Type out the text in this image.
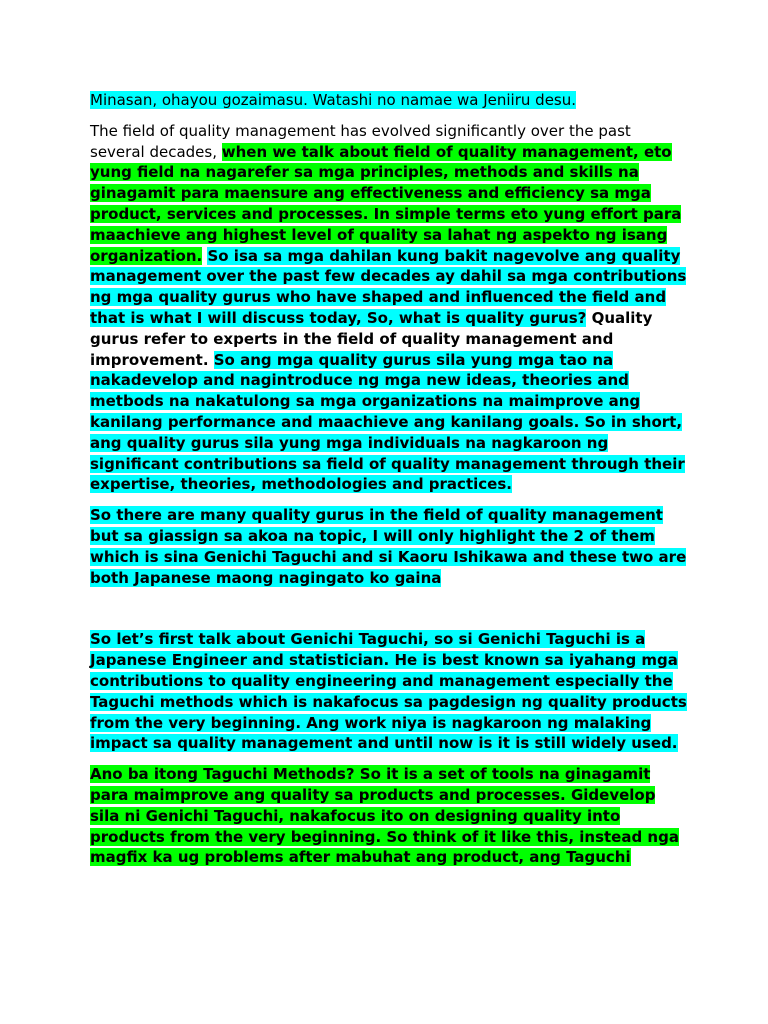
Minasan, ohayou gozaimasu. Watashi no namae wa Jeniiru desu.

The field of quality management has evolved significantly over the past several decades, when we talk about field of quality management, eto yung field na nagarefer sa mga principles, methods and skills na ginagamit para maensure ang effectiveness and efficiency sa mga product, services and processes. In simple terms eto yung effort para maachieve ang highest level of quality sa lahat ng aspekto ng isang organization. So isa sa mga dahilan kung bakit nagevolve ang quality management over the past few decades ay dahil sa mga contributions ng mga quality gurus who have shaped and influenced the field and that is what I will discuss today, So, what is quality gurus? Quality gurus refer to experts in the field of quality management and improvement. So ang mga quality gurus sila yung mga tao na nakadevelop and nagintroduce ng mga new ideas, theories and metbods na nakatulong sa mga organizations na maimprove ang kanilang performance and maachieve ang kanilang goals. So in short, ang quality gurus sila yung mga individuals na nagkaroon ng significant contributions sa field of quality management through their expertise, theories, methodologies and practices.

So there are many quality gurus in the field of quality management but sa giassign sa akoa na topic, I will only highlight the 2 of them which is sina Genichi Taguchi and si Kaoru Ishikawa and these two are both Japanese maong nagingato ko gaina

So let’s first talk about Genichi Taguchi, so si Genichi Taguchi is a Japanese Engineer and statistician. He is best known sa iyahang mga contributions to quality engineering and management especially the Taguchi methods which is nakafocus sa pagdesign ng quality products from the very beginning. Ang work niya is nagkaroon ng malaking impact sa quality management and until now is it is still widely used.

Ano ba itong Taguchi Methods? So it is a set of tools na ginagamit para maimprove ang quality sa products and processes. Gidevelop sila ni Genichi Taguchi, nakafocus ito on designing quality into products from the very beginning. So think of it like this, instead nga magfix ka ug problems after mabuhat ang product, ang Taguchi
